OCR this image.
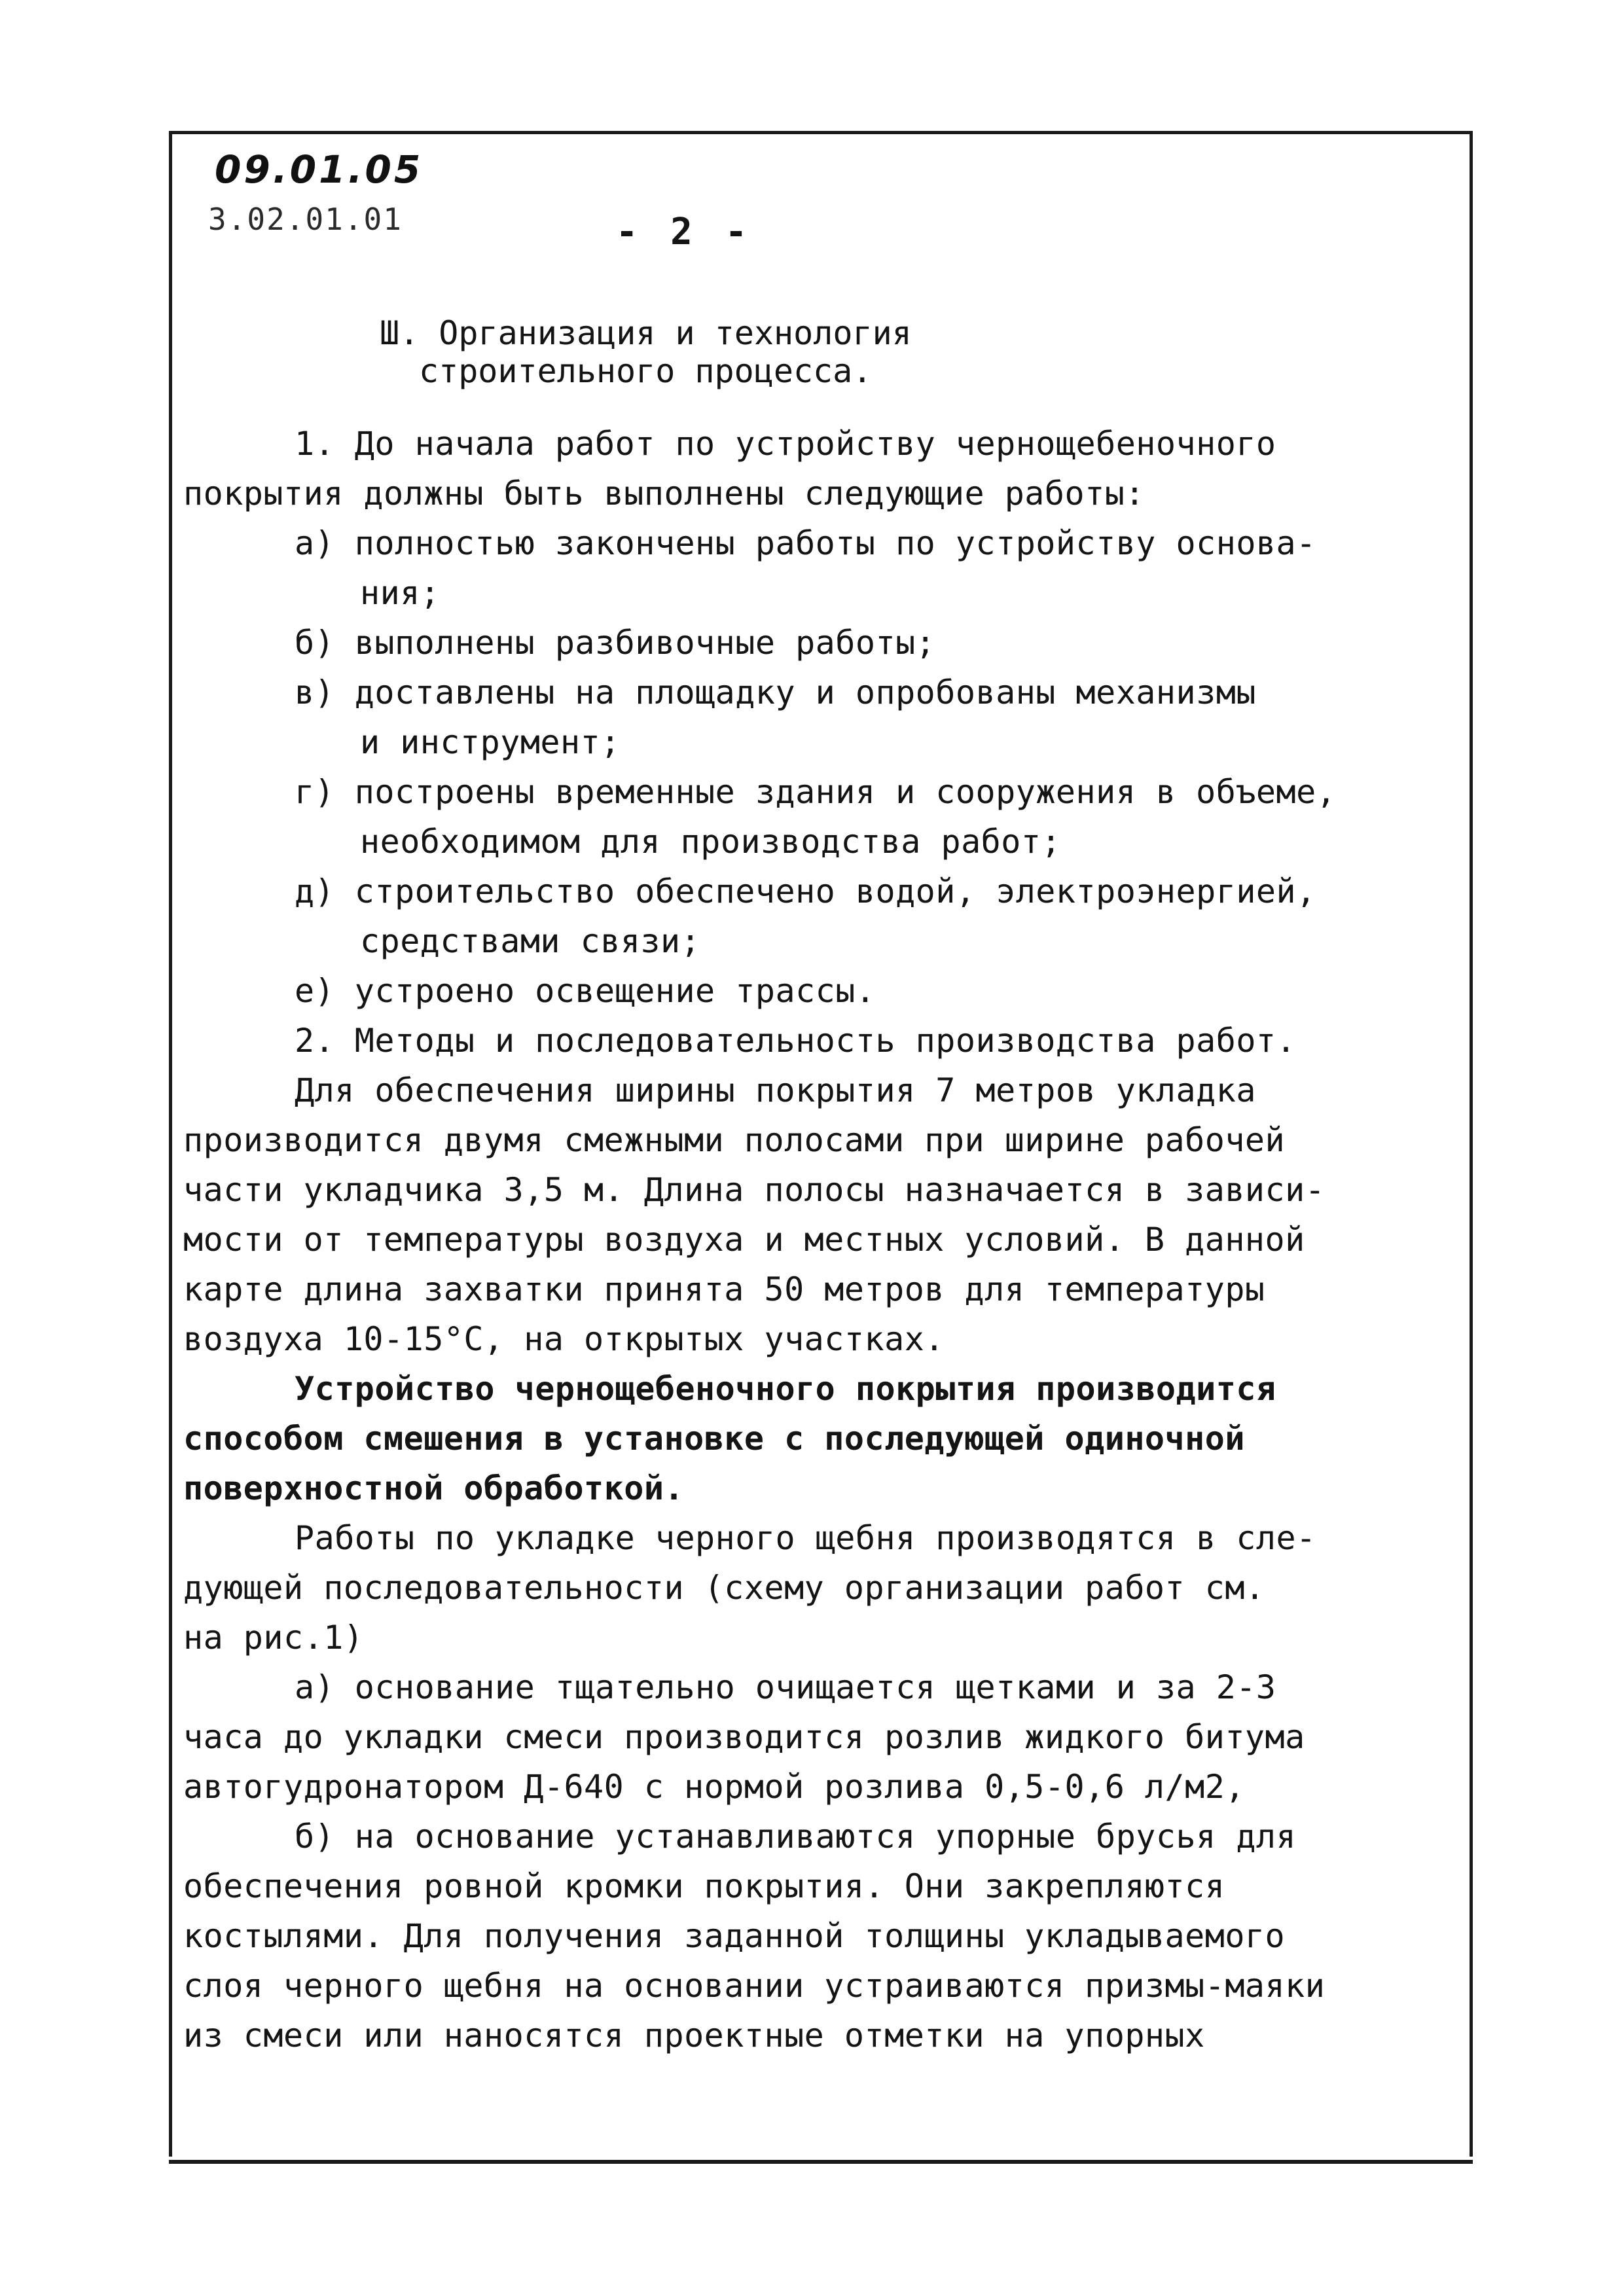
09.01.05
3.02.01.01	- 2 -
Ш. Организация и технология
строительного процесса.
1. До начала работ по устройству чернощебеночного
покрытия должны быть выполнены следующие работы:
а) полностью закончены работы по устройству основа-
ния;
б) выполнены разбивочные работы;
в) доставлены на площадку и опробованы механизмы
и инструмент;
г) построены временные здания и сооружения в объеме,
необходимом для производства работ;
д) строительство обеспечено водой, электроэнергией,
средствами связи;
е) устроено освещение трассы.
2. Методы и последовательность производства работ.
Для обеспечения ширины покрытия 7 метров укладка
производится двумя смежными полосами при ширине рабочей
части укладчика 3,5 м. Длина полосы назначается в зависи-
мости от температуры воздуха и местных условий. В данной
карте длина захватки принята 50 метров для температуры
воздуха 10-15°С, на открытых участках.
Устройство чернощебеночного покрытия производится
способом смешения в установке с последующей одиночной
поверхностной обработкой.
Работы по укладке черного щебня производятся в сле-
дующей последовательности (схему организации работ см.
на рис.1)
а) основание тщательно очищается щетками и за 2-3
часа до укладки смеси производится розлив жидкого битума
автогудронатором Д-640 с нормой розлива 0,5-0,6 л/м2,
б) на основание устанавливаются упорные брусья для
обеспечения ровной кромки покрытия. Они закрепляются
костылями. Для получения заданной толщины укладываемого
слоя черного щебня на основании устраиваются призмы-маяки
из смеси или наносятся проектные отметки на упорных
